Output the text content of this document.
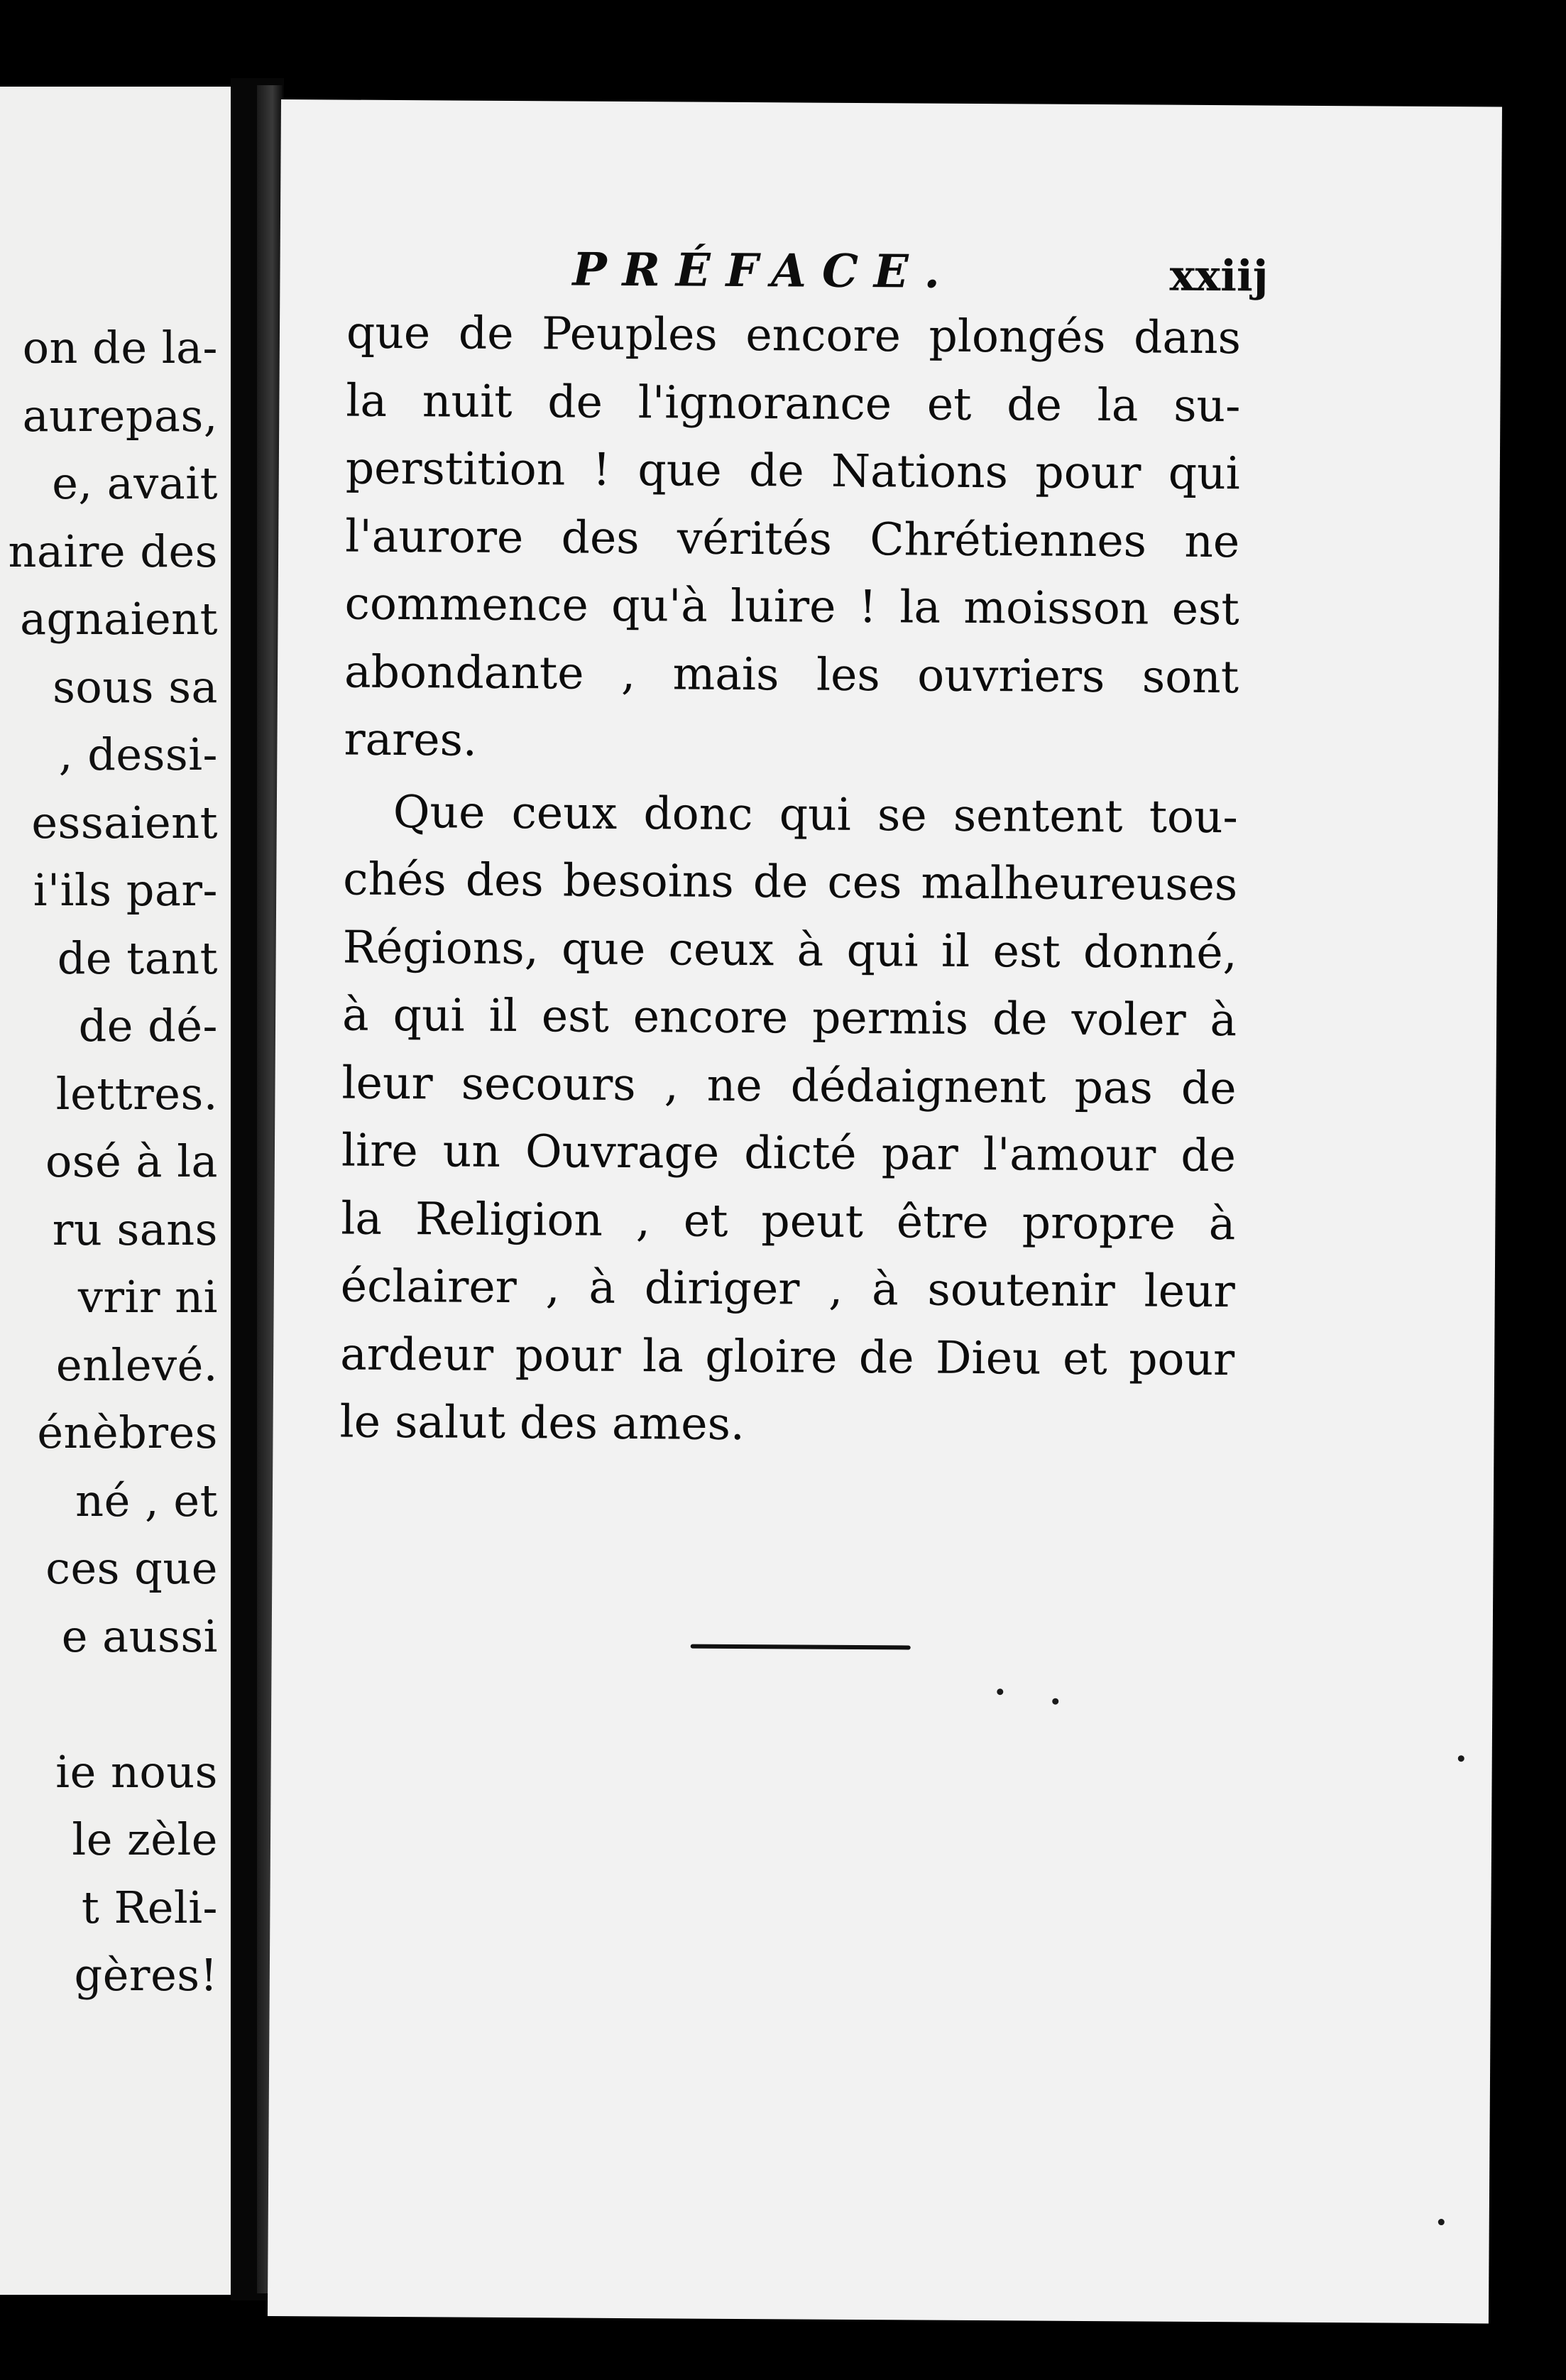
on de la-
aurepas,
e, avait
naire des
agnaient
sous sa
, dessi-
essaient
i'ils par-
de tant
de dé-
lettres.
osé à la
ru sans
vrir ni
enlevé.
énèbres
né , et
ces que
e aussi

ie nous
le zèle
t Reli-
gères!
PRÉFACE.	xxiij
que de Peuples encore plongés dans
la nuit de l'ignorance et de la su-
perstition ! que de Nations pour qui
l'aurore des vérités Chrétiennes ne
commence qu'à luire ! la moisson est
abondante , mais les ouvriers sont
rares.
Que ceux donc qui se sentent tou-
chés des besoins de ces malheureuses
Régions, que ceux à qui il est donné,
à qui il est encore permis de voler à
leur secours , ne dédaignent pas de
lire un Ouvrage dicté par l'amour de
la Religion , et peut être propre à
éclairer , à diriger , à soutenir leur
ardeur pour la gloire de Dieu et pour
le salut des ames.
